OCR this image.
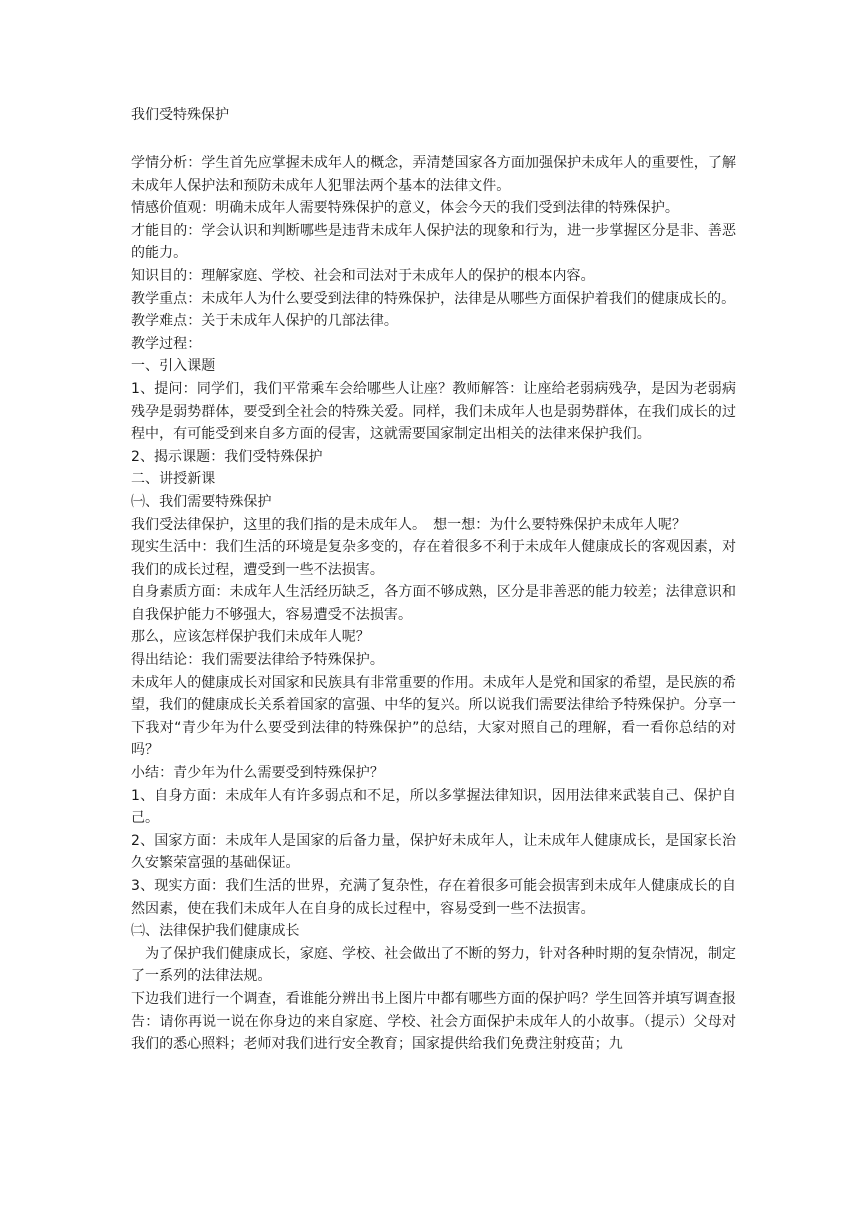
我们受特殊保护

学情分析：学生首先应掌握未成年人的概念，弄清楚国家各方面加强保护未成年人的重要性，了解未成年人保护法和预防未成年人犯罪法两个基本的法律文件。

情感价值观：明确未成年人需要特殊保护的意义，体会今天的我们受到法律的特殊保护。

才能目的：学会认识和判断哪些是违背未成年人保护法的现象和行为，进一步掌握区分是非、善恶的能力。

知识目的：理解家庭、学校、社会和司法对于未成年人的保护的根本内容。

教学重点：未成年人为什么要受到法律的特殊保护，法律是从哪些方面保护着我们的健康成长的。

教学难点：关于未成年人保护的几部法律。

教学过程：

一、引入课题

1、提问：同学们，我们平常乘车会给哪些人让座？教师解答：让座给老弱病残孕，是因为老弱病残孕是弱势群体，要受到全社会的特殊关爱。同样，我们未成年人也是弱势群体，在我们成长的过程中，有可能受到来自多方面的侵害，这就需要国家制定出相关的法律来保护我们。

2、揭示课题：我们受特殊保护

二、讲授新课

㈠、我们需要特殊保护

我们受法律保护，这里的我们指的是未成年人。　想一想：为什么要特殊保护未成年人呢？

现实生活中：我们生活的环境是复杂多变的，存在着很多不利于未成年人健康成长的客观因素，对我们的成长过程，遭受到一些不法损害。

自身素质方面：未成年人生活经历缺乏，各方面不够成熟，区分是非善恶的能力较差；法律意识和自我保护能力不够强大，容易遭受不法损害。

那么，应该怎样保护我们未成年人呢？

得出结论：我们需要法律给予特殊保护。

未成年人的健康成长对国家和民族具有非常重要的作用。未成年人是党和国家的希望，是民族的希望，我们的健康成长关系着国家的富强、中华的复兴。所以说我们需要法律给予特殊保护。分享一下我对“青少年为什么要受到法律的特殊保护”的总结，大家对照自己的理解，看一看你总结的对吗？

小结：青少年为什么需要受到特殊保护？

1、自身方面：未成年人有许多弱点和不足，所以多掌握法律知识，因用法律来武装自己、保护自己。

2、国家方面：未成年人是国家的后备力量，保护好未成年人，让未成年人健康成长，是国家长治久安繁荣富强的基础保证。

3、现实方面：我们生活的世界，充满了复杂性，存在着很多可能会损害到未成年人健康成长的自然因素，使在我们未成年人在自身的成长过程中，容易受到一些不法损害。

㈡、法律保护我们健康成长

　为了保护我们健康成长，家庭、学校、社会做出了不断的努力，针对各种时期的复杂情况，制定了一系列的法律法规。

下边我们进行一个调查，看谁能分辨出书上图片中都有哪些方面的保护吗？学生回答并填写调查报告：请你再说一说在你身边的来自家庭、学校、社会方面保护未成年人的小故事。（提示）父母对我们的悉心照料；老师对我们进行安全教育；国家提供给我们免费注射疫苗；九
